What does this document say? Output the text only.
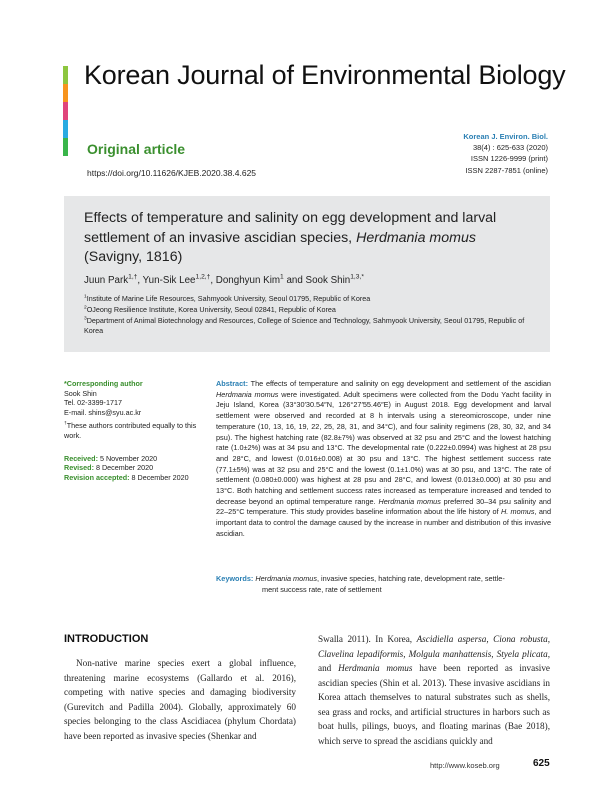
Korean Journal of Environmental Biology
Original article
https://doi.org/10.11626/KJEB.2020.38.4.625
Korean J. Environ. Biol.
38(4) : 625-633 (2020)
ISSN 1226-9999 (print)
ISSN 2287-7851 (online)
Effects of temperature and salinity on egg development and larval settlement of an invasive ascidian species, Herdmania momus (Savigny, 1816)
Juun Park$^{1,\dagger}$, Yun-Sik Lee$^{1,2,\dagger}$, Donghyun Kim$^1$ and Sook Shin$^{1,3,*}$
$^1$Institute of Marine Life Resources, Sahmyook University, Seoul 01795, Republic of Korea
$^2$OJeong Resilience Institute, Korea University, Seoul 02841, Republic of Korea
$^3$Department of Animal Biotechnology and Resources, College of Science and Technology, Sahmyook University, Seoul 01795, Republic of Korea
*Corresponding author
Sook Shin
Tel. 02-3399-1717
E-mail. shins@syu.ac.kr
†These authors contributed equally to this work.
Received: 5 November 2020
Revised: 8 December 2020
Revision accepted: 8 December 2020
Abstract: The effects of temperature and salinity on egg development and settlement of the ascidian Herdmania momus were investigated. Adult specimens were collected from the Dodu Yacht facility in Jeju Island, Korea (33°30′30.54″N, 126°27′55.46″E) in August 2018. Egg development and larval settlement were observed and recorded at 8 h intervals using a stereomicroscope, under nine temperature (10, 13, 16, 19, 22, 25, 28, 31, and 34°C), and four salinity regimens (28, 30, 32, and 34 psu). The highest hatching rate (82.8±7%) was observed at 32 psu and 25°C and the lowest hatching rate (1.0±2%) was at 34 psu and 13°C. The developmental rate (0.222±0.0994) was highest at 28 psu and 28°C, and lowest (0.016±0.008) at 30 psu and 13°C. The highest settlement success rate (77.1±5%) was at 32 psu and 25°C and the lowest (0.1±1.0%) was at 30 psu, and 13°C. The rate of settlement (0.080±0.000) was highest at 28 psu and 28°C, and lowest (0.013±0.000) at 30 psu and 13°C. Both hatching and settlement success rates increased as temperature increased and tended to decrease beyond an optimal temperature range. Herdmania momus preferred 30–34 psu salinity and 22–25°C temperature. This study provides baseline information about the life history of H. momus, and important data to control the damage caused by the increase in number and distribution of this invasive ascidian.
Keywords: Herdmania momus, invasive species, hatching rate, development rate, settle-
ment success rate, rate of settlement
INTRODUCTION
Non-native marine species exert a global influence, threatening marine ecosystems (Gallardo et al. 2016), competing with native species and damaging biodiversity (Gurevitch and Padilla 2004). Globally, approximately 60 species belonging to the class Ascidiacea (phylum Chordata) have been reported as invasive species (Shenkar and
Swalla 2011). In Korea, Ascidiella aspersa, Ciona robusta, Clavelina lepadiformis, Molgula manhattensis, Styela plicata, and Herdmania momus have been reported as invasive ascidian species (Shin et al. 2013). These invasive ascidians in Korea attach themselves to natural substrates such as shells, sea grass and rocks, and artificial structures in harbors such as boat hulls, pilings, buoys, and floating marinas (Bae 2018), which serve to spread the ascidians quickly and
http://www.koseb.org	625
